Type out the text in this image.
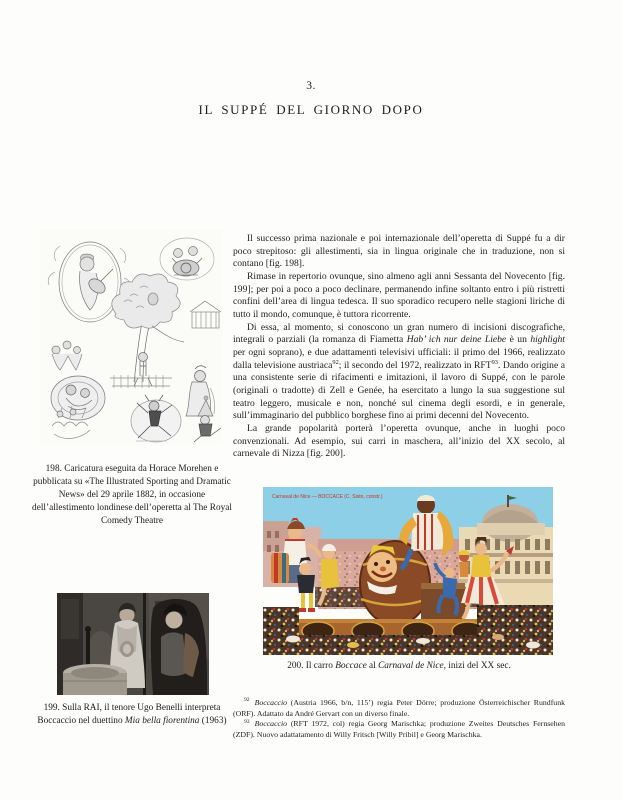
3.
IL SUPPÉ DEL GIORNO DOPO
198. Caricatura eseguita da Horace Morehen e pubblicata su «The Illustrated Sporting and Dramatic News» del 29 aprile 1882, in occasione dell’allestimento londinese dell’operetta al The Royal Comedy Theatre
199. Sulla RAI, il tenore Ugo Benelli interpreta Boccaccio nel duettino Mia bella fiorentina (1963)

Il successo prima nazionale e poi internazionale dell’operetta di Suppé fu a dir poco strepitoso: gli allestimenti, sia in lingua originale che in traduzione, non si contano [fig. 198].

Rimase in repertorio ovunque, sino almeno agli anni Sessanta del Novecento [fig. 199]; per poi a poco a poco declinare, permanendo infine soltanto entro i più ristretti confini dell’area di lingua tedesca. Il suo sporadico recupero nelle stagioni liriche di tutto il mondo, comunque, è tuttora ricorrente.

Di essa, al momento, si conoscono un gran numero di incisioni discografiche, integrali o parziali (la romanza di Fiametta Hab’ ich nur deine Liebe è un highlight per ogni soprano), e due adattamenti televisivi ufficiali: il primo del 1966, realizzato dalla televisione austriaca$^{92}$; il secondo del 1972, realizzato in RFT$^{93}$. Dando origine a una consistente serie di rifacimenti e imitazioni, il lavoro di Suppé, con le parole (originali o tradotte) di Zell e Genée, ha esercitato a lungo la sua suggestione sul teatro leggero, musicale e non, nonché sul cinema degli esordi, e in generale, sull’immaginario del pubblico borghese fino ai primi decenni del Novecento.

La grande popolarità porterà l’operetta ovunque, anche in luoghi poco convenzionali. Ad esempio, sui carri in maschera, all’inizio del XX secolo, al carnevale di Nizza [fig. 200].

Carnaval de Nice — BOCCACE (C. Sisto, constr.)
200. Il carro Boccace al Carnaval de Nice, inizi del XX sec.

$^{92}$ Boccaccio (Austria 1966, b/n, 115’) regia Peter Dörre; produzione Österreichischer Rundfunk (ORF). Adattato da André Gervart con un diverso finale.

$^{93}$ Boccaccio (RFT 1972, col) regia Georg Marischka; produzione Zweites Deutsches Fernsehen (ZDF). Nuovo adattatamento di Willy Fritsch [Willy Pribil] e Georg Marischka.
